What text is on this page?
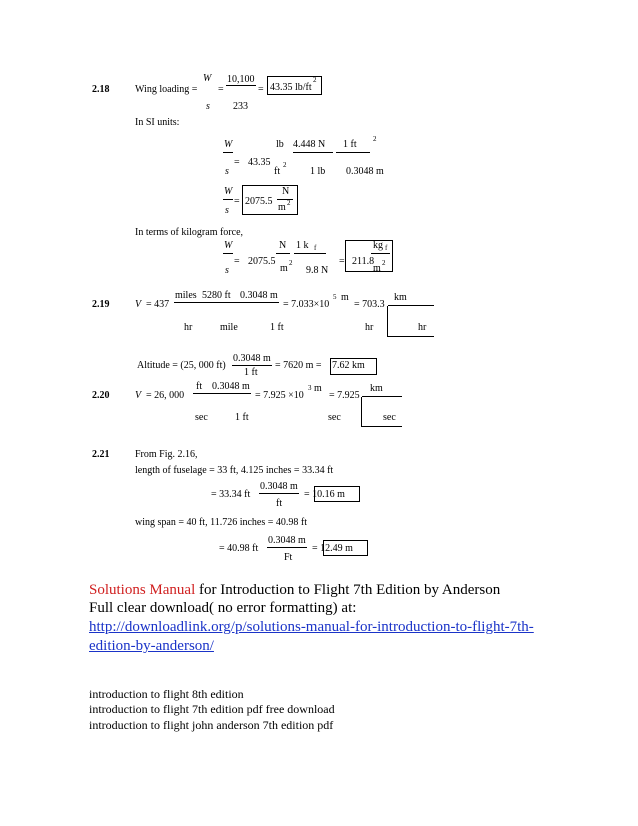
2.18	Wing loading =
W
=
10,100
= 43.35 lb/ft
2
s 233
In SI units:
W	lb 4.448 N 1 ft 2
= 43.35
s	ft
2
1 lb 0.3048 m
W
= 2075.5
N
s	m 2
In terms of kilogram force,
W	N 1 k f	kg f
= 2075.5	= 211.8
s	m 2
9.8 N	m 2
2.19	V = 437
miles 5280 ft 0.3048 m
= 7.033×10
5 m
= 703.3
km
hr	mile	1 ft	hr	hr
Altitude = (25, 000 ft)
0.3048 m
1 ft
= 7620 m = 7.62 km
2.20	V = 26, 000
ft 0.3048 m
= 7.925 ×10
3 m
= 7.925
km
sec	1 ft	sec	sec
2.21	From Fig. 2.16,
length of fuselage = 33 ft, 4.125 inches = 33.34 ft
= 33.34 ft
0.3048 m
ft
= 10.16 m
wing span = 40 ft, 11.726 inches = 40.98 ft
= 40.98 ft
0.3048 m
Ft
= 12.49 m
Solutions Manual for Introduction to Flight 7th Edition by Anderson
Full clear download( no error formatting) at:
http://downloadlink.org/p/solutions-manual-for-introduction-to-flight-7th-
edition-by-anderson/
introduction to flight 8th edition
introduction to flight 7th edition pdf free download
introduction to flight john anderson 7th edition pdf
